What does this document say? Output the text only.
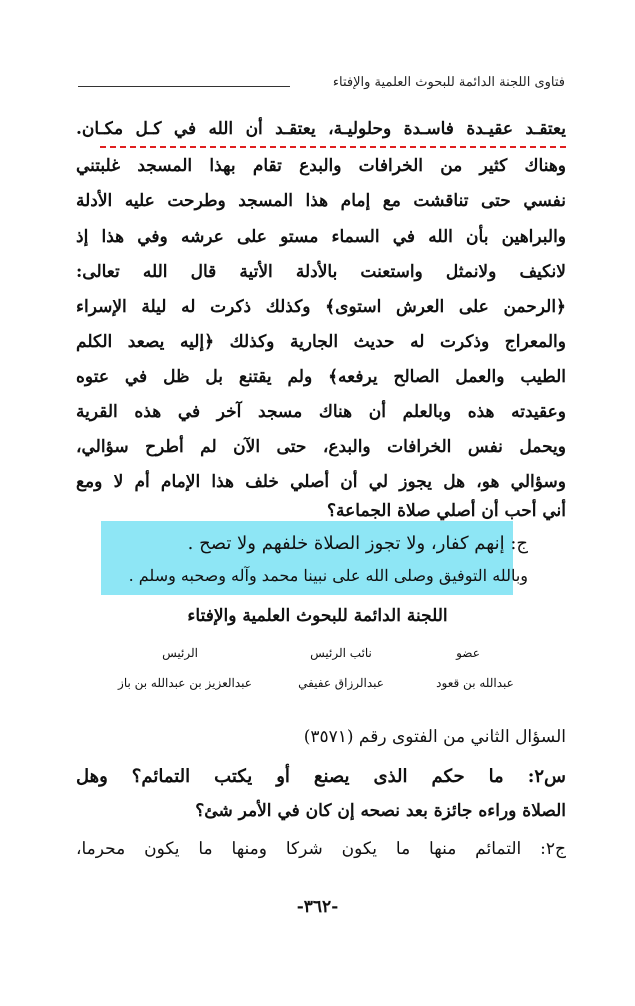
فتاوى اللجنة الدائمة للبحوث العلمية والإفتاء
يعتقـد عقيـدة فاسـدة وحلوليـة، يعتقـد أن الله في كـل مكـان.
وهناك كثير من الخرافات والبدع تقام بهذا المسجد غلبتني
نفسي حتى تناقشت مع إمام هذا المسجد وطرحت عليه الأدلة
والبراهين بأن الله في السماء مستو على عرشه وفي هذا إذ
لانكيف ولانمثل واستعنت بالأدلة الأتية قال الله تعالى:
﴿الرحمن على العرش استوى﴾ وكذلك ذكرت له ليلة الإسراء
والمعراج وذكرت له حديث الجارية وكذلك ﴿إليه يصعد الكلم
الطيب والعمل الصالح يرفعه﴾ ولم يقتنع بل ظل في عتوه
وعقيدته هذه وبالعلم أن هناك مسجد آخر في هذه القرية
ويحمل نفس الخرافات والبدع، حتى الآن لم أطرح سؤالي،
وسؤالي هو، هل يجوز لي أن أصلي خلف هذا الإمام أم لا ومع
أني أحب أن أصلي صلاة الجماعة؟
ج: إنهم كفار، ولا تجوز الصلاة خلفهم ولا تصح .
وبالله التوفيق وصلى الله على نبينا محمد وآله وصحبه وسلم .
اللجنة الدائمة للبحوث العلمية والإفتاء
عضو
عبدالله بن قعود
نائب الرئيس
عبدالرزاق عفيفي
الرئيس
عبدالعزيز بن عبدالله بن باز
السؤال الثاني من الفتوى رقم (٣٥٧١)
س٢: ما حكم الذى يصنع أو يكتب التمائم؟ وهل
الصلاة وراءه جائزة بعد نصحه إن كان في الأمر شئ؟
ج٢: التمائم منها ما يكون شركا ومنها ما يكون محرما،
-٣٦٢-
